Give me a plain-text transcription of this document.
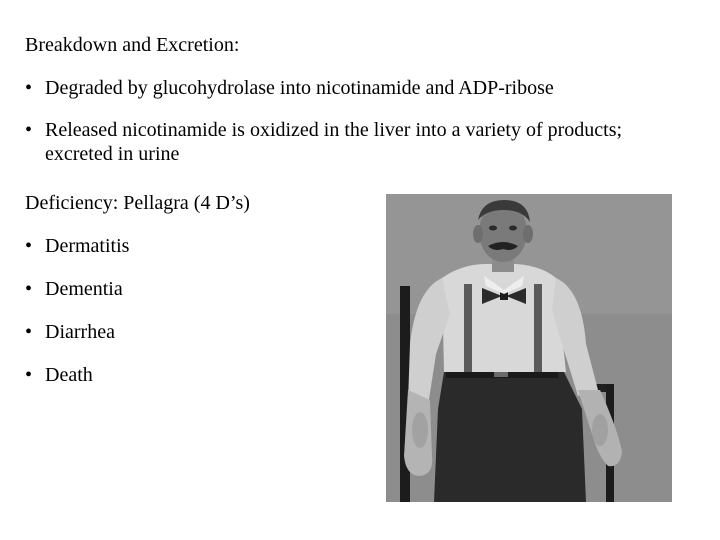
Breakdown and Excretion:
• Degraded by glucohydrolase into nicotinamide and ADP-ribose
• Released nicotinamide is oxidized in the liver into a variety of products; excreted in urine
Deficiency: Pellagra (4 D’s)
• Dermatitis
• Dementia
• Diarrhea
• Death
